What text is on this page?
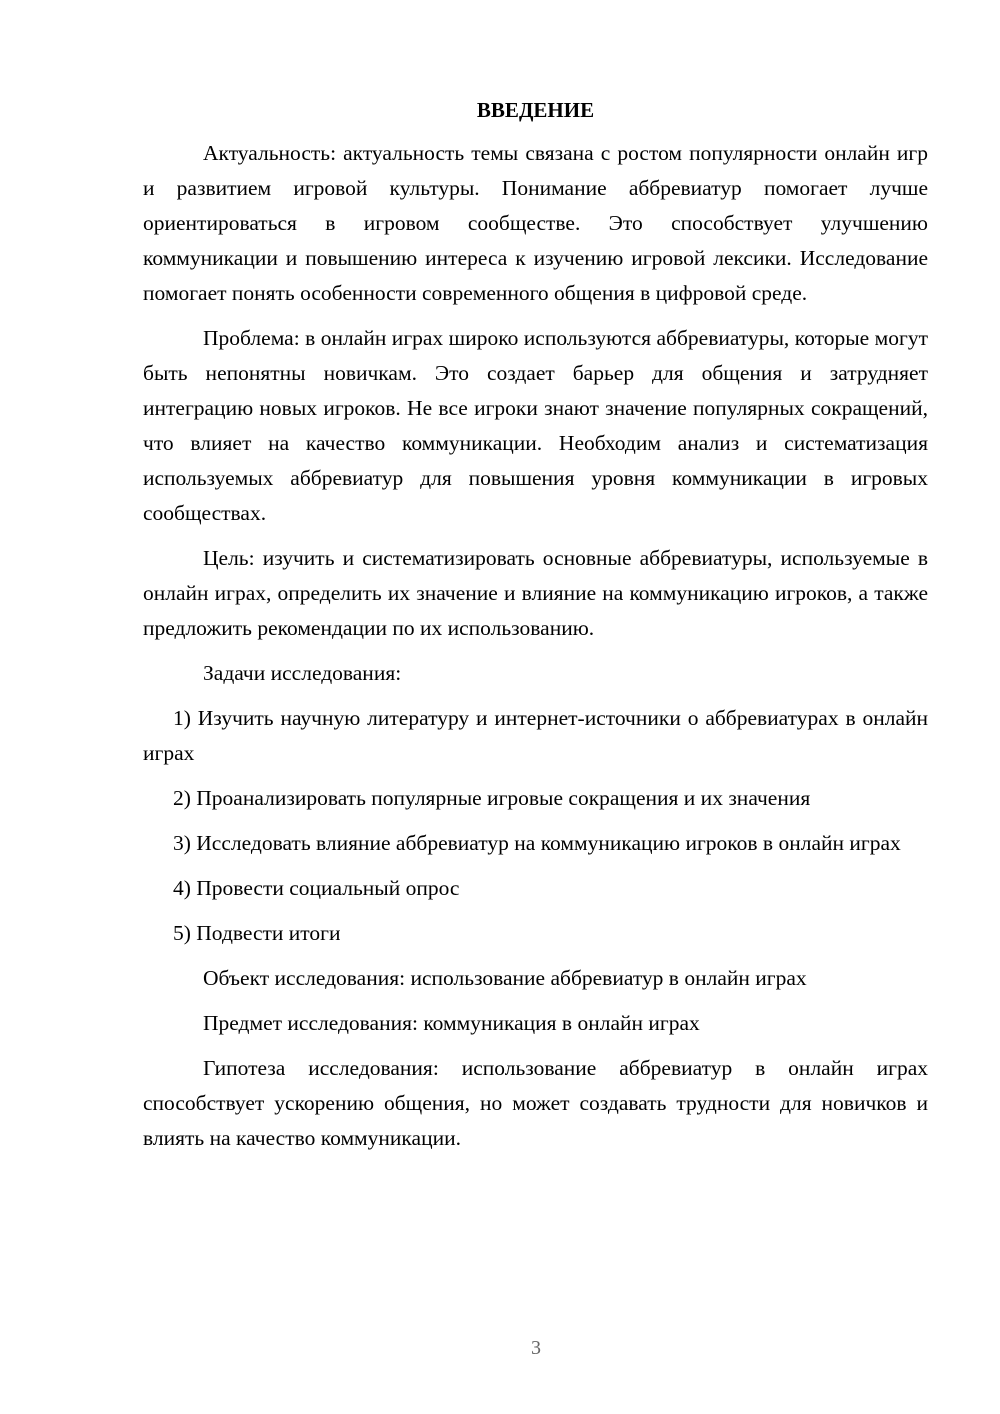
ВВЕДЕНИЕ

Актуальность: актуальность темы связана с ростом популярности онлайн игр и развитием игровой культуры. Понимание аббревиатур помогает лучше ориентироваться в игровом сообществе. Это способствует улучшению коммуникации и повышению интереса к изучению игровой лексики. Исследование помогает понять особенности современного общения в цифровой среде.

Проблема: в онлайн играх широко используются аббревиатуры, которые могут быть непонятны новичкам. Это создает барьер для общения и затрудняет интеграцию новых игроков. Не все игроки знают значение популярных сокращений, что влияет на качество коммуникации. Необходим анализ и систематизация используемых аббревиатур для повышения уровня коммуникации в игровых сообществах.

Цель: изучить и систематизировать основные аббревиатуры, используемые в онлайн играх, определить их значение и влияние на коммуникацию игроков, а также предложить рекомендации по их использованию.

Задачи исследования:

1) Изучить научную литературу и интернет-источники о аббревиатурах в онлайн играх

2) Проанализировать популярные игровые сокращения и их значения

3) Исследовать влияние аббревиатур на коммуникацию игроков в онлайн играх

4) Провести социальный опрос

5) Подвести итоги

Объект исследования: использование аббревиатур в онлайн играх

Предмет исследования: коммуникация в онлайн играх

Гипотеза исследования: использование аббревиатур в онлайн играх способствует ускорению общения, но может создавать трудности для новичков и влиять на качество коммуникации.

3
